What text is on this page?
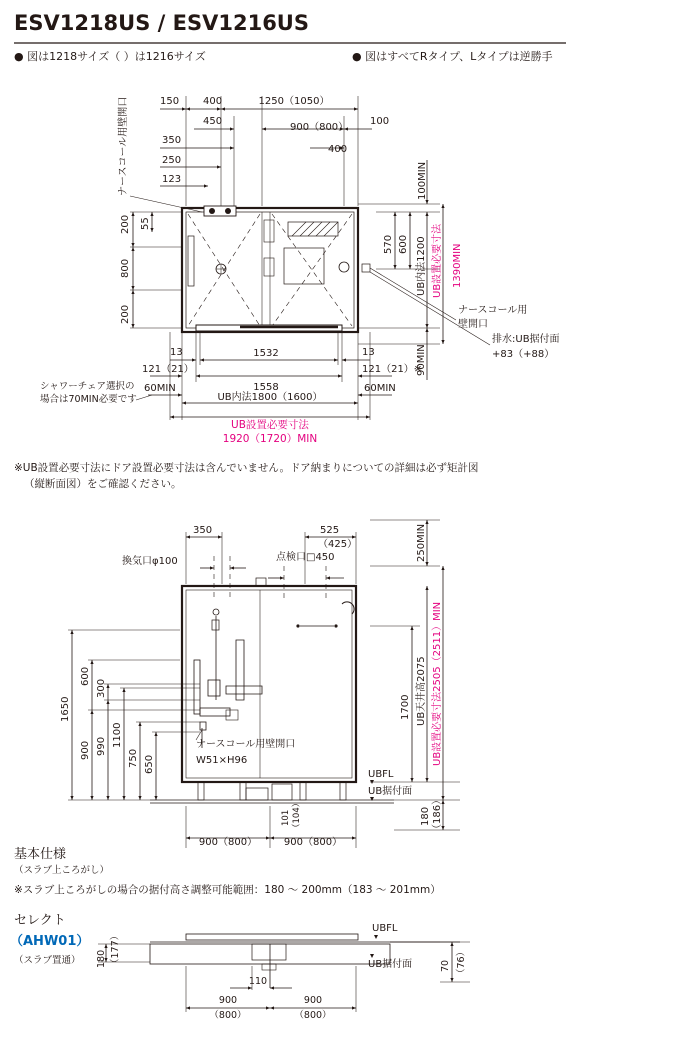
ESV1218US / ESV1216US
● 図は1218サイズ（ ）は1216サイズ	● 図はすべてRタイプ、Lタイプは逆勝手
150 400	1250（1050）
450
900（800）
100
350
400
250
123
ナースコール用壁開口
200 55
800
200
100MIN
570 600 UB内法1200 UB設置必要寸法 1390MIN
90MIN
ナースコール用
壁開口
排水:UB据付面
+83（+88）
13	13
1532
121（21）
1558
121（21）※
60MIN	60MIN
UB内法1800（1600）
シャワーチェア選択の
場合は70MIN必要です
UB設置必要寸法
1920（1720）MIN
※UB設置必要寸法にドア設置必要寸法は含んでいません。ドア納まりについての詳細は必ず矩計図
（縦断面図）をご確認ください。
350	525
（425）	250MIN
換気口φ100	点検口□450
1650
900 990 1100
750 650
600
300
ナースコール用壁開口
W51×H96
1700 UB天井高2075 UB設置必要寸法2505（2511）MIN
180 （186）
UBFL
UB据付面
900（800）	900（800）
101 （104）
基本仕様
（スラブ上ころがし）
※スラブ上ころがしの場合の据付高さ調整可能範囲：180 ～ 200mm（183 ～ 201mm）
セレクト
（AHW01）
（スラブ置通）
UBFL
UB据付面
180 （177）	70 （76）
110
900
（800）
900
（800）
